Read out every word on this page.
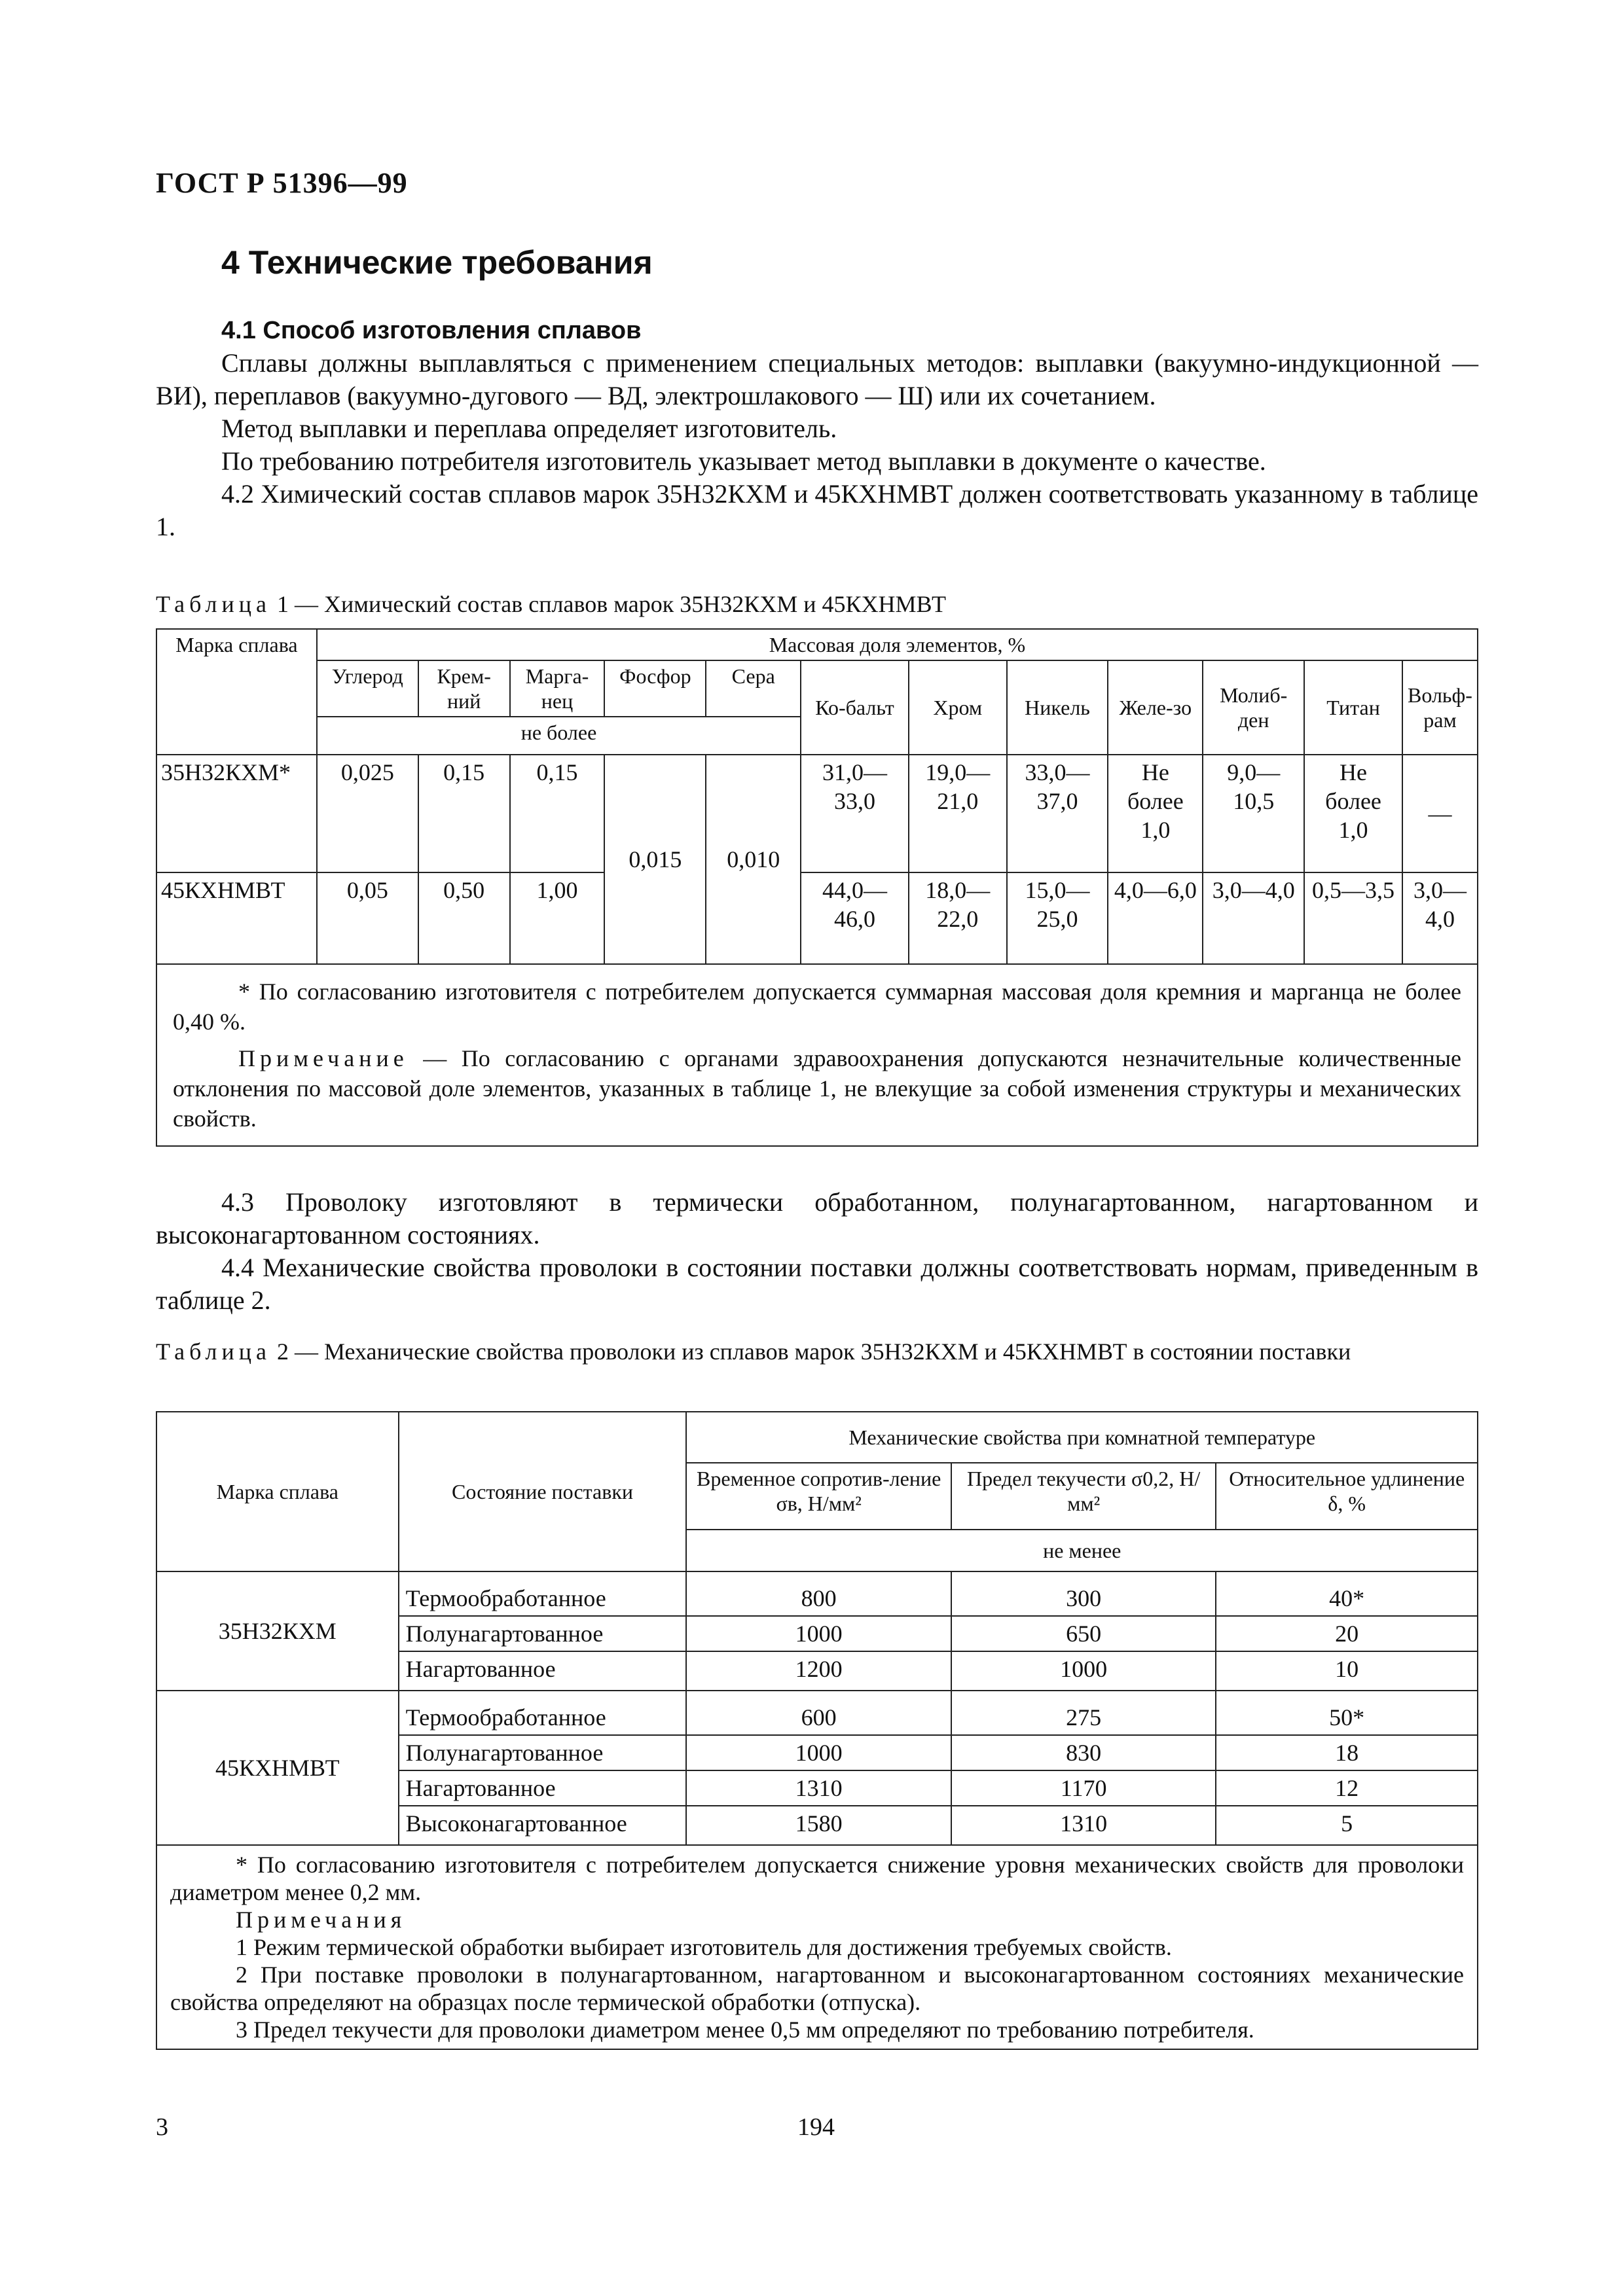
ГОСТ Р 51396—99
4 Технические требования

4.1 Способ изготовления сплавов

Сплавы должны выплавляться с применением специальных методов: выплавки (вакуумно-индукционной — ВИ), переплавов (вакуумно-дугового — ВД, электрошлакового — Ш) или их сочетанием.

Метод выплавки и переплава определяет изготовитель.

По требованию потребителя изготовитель указывает метод выплавки в документе о качестве.

4.2 Химический состав сплавов марок 35Н32КХМ и 45КХНМВТ должен соответствовать указанному в таблице 1.

Таблица 1 — Химический состав сплавов марок 35Н32КХМ и 45КХНМВТ
Марка сплава	Массовая доля элементов, %											
	Углерод	Крем-ний	Марга-нец	Фосфор	Сера	Ко-бальт	Хром	Никель	Желе-зо	Молиб-ден	Титан	Вольф-рам
	не более											
35Н32КХМ*	0,025	0,15	0,15	0,015	0,010	31,0—33,0	19,0—21,0	33,0—37,0	Не более 1,0	9,0—10,5	Не более 1,0	—
45КХНМВТ	0,05	0,50	1,00			44,0—46,0	18,0—22,0	15,0—25,0	4,0—6,0	3,0—4,0	0,5—3,5	3,0—4,0

* По согласованию изготовителя с потребителем допускается суммарная массовая доля кремния и марганца не более 0,40 %.

Примечание — По согласованию с органами здравоохранения допускаются незначительные количественные отклонения по массовой доле элементов, указанных в таблице 1, не влекущие за собой изменения структуры и механических свойств.												

4.3 Проволоку изготовляют в термически обработанном, полунагартованном, нагартованном и высоконагартованном состояниях.

4.4 Механические свойства проволоки в состоянии поставки должны соответствовать нормам, приведенным в таблице 2.

Таблица 2 — Механические свойства проволоки из сплавов марок 35Н32КХМ и 45КХНМВТ в состоянии поставки
Марка сплава	Состояние поставки	Механические свойства при комнатной температуре		
		Временное сопротив-ление σв, Н/мм²	Предел текучести σ0,2, Н/мм²	Относительное удлинение δ, %
		не менее		
35Н32КХМ	Термообработанное	800	300	40*
	Полунагартованное	1000	650	20
	Нагартованное	1200	1000	10
45КХНМВТ	Термообработанное	600	275	50*
	Полунагартованное	1000	830	18
	Нагартованное	1310	1170	12
	Высоконагартованное	1580	1310	5

* По согласованию изготовителя с потребителем допускается снижение уровня механических свойств для проволоки диаметром менее 0,2 мм.

Примечания

1 Режим термической обработки выбирает изготовитель для достижения требуемых свойств.

2 При поставке проволоки в полунагартованном, нагартованном и высоконагартованном состояниях механические свойства определяют на образцах после термической обработки (отпуска).

3 Предел текучести для проволоки диаметром менее 0,5 мм определяют по требованию потребителя.				

3	194
